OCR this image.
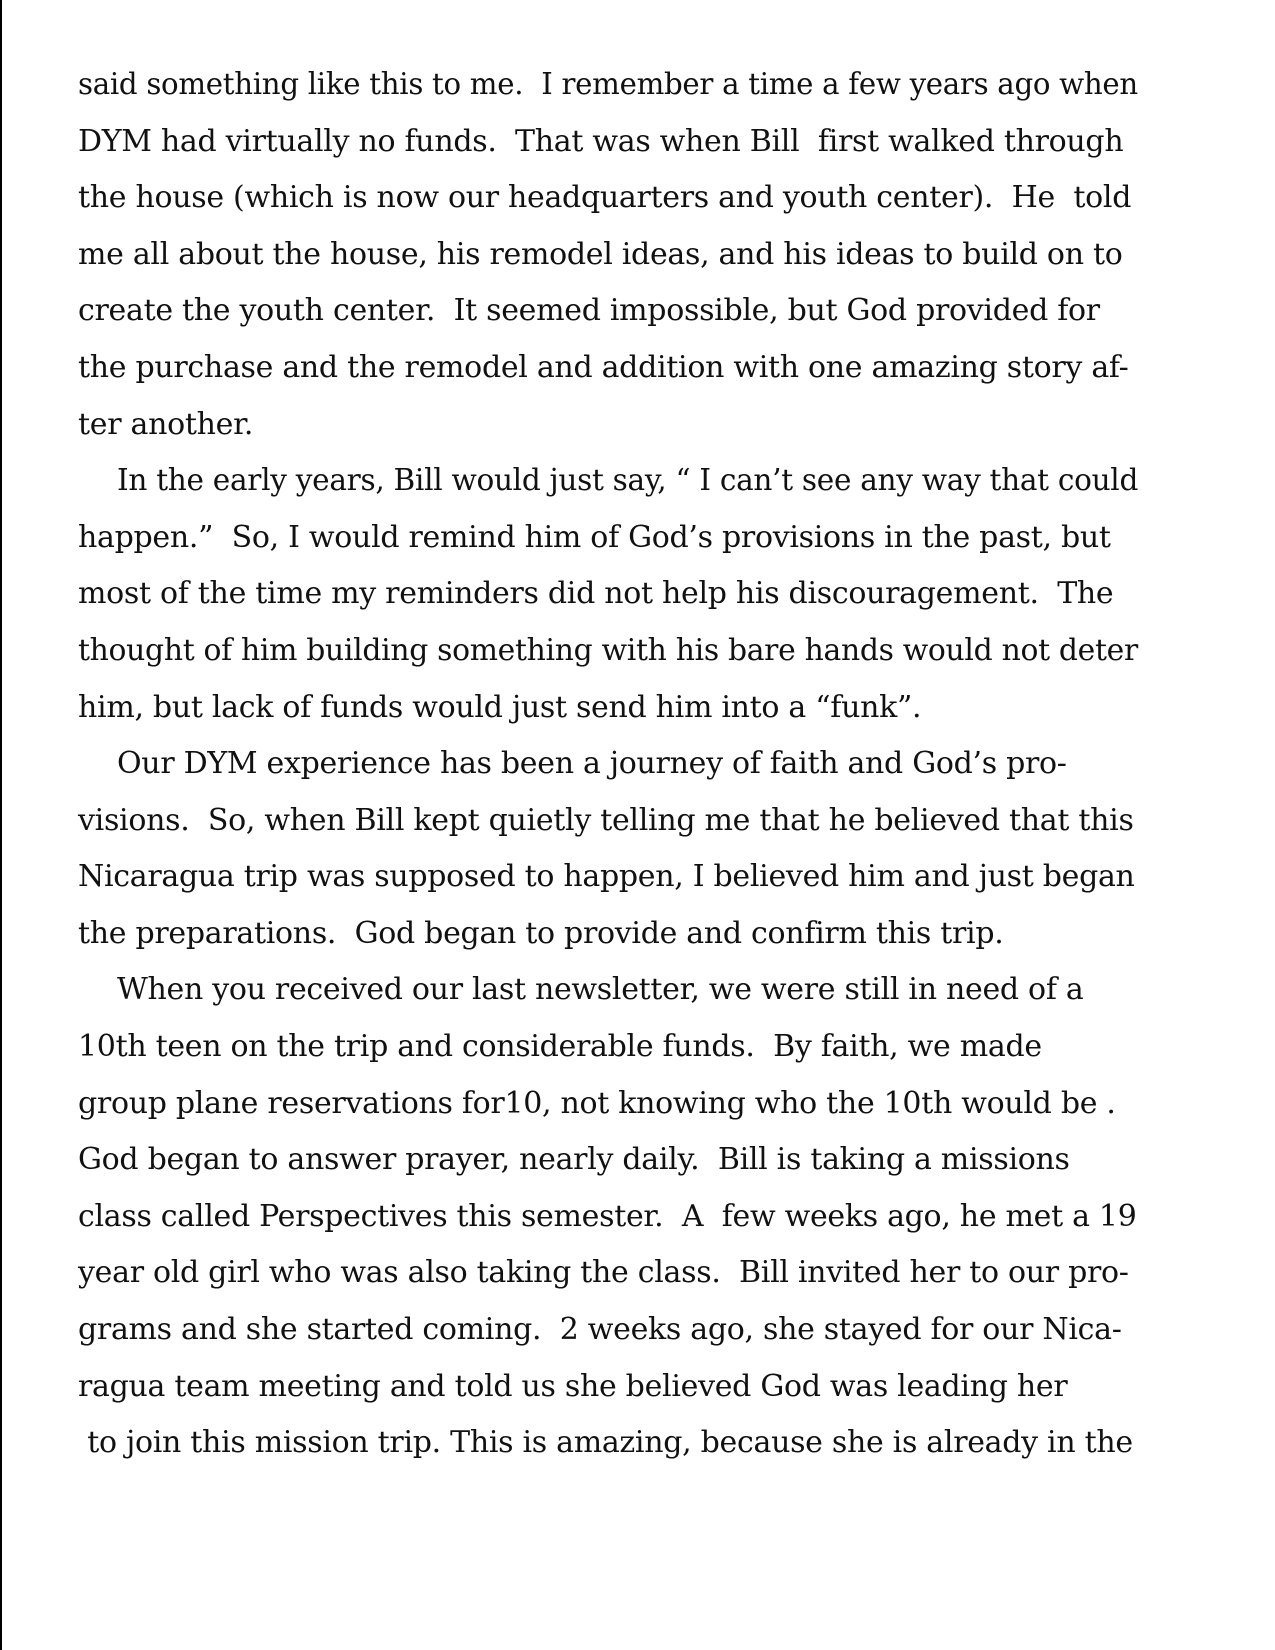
said something like this to me.  I remember a time a few years ago when
DYM had virtually no funds.  That was when Bill  first walked through
the house (which is now our headquarters and youth center).  He  told
me all about the house, his remodel ideas, and his ideas to build on to
create the youth center.  It seemed impossible, but God provided for
the purchase and the remodel and addition with one amazing story af-
ter another.
In the early years, Bill would just say, “ I can’t see any way that could
happen.”  So, I would remind him of God’s provisions in the past, but
most of the time my reminders did not help his discouragement.  The
thought of him building something with his bare hands would not deter
him, but lack of funds would just send him into a “funk”.
Our DYM experience has been a journey of faith and God’s pro-
visions.  So, when Bill kept quietly telling me that he believed that this
Nicaragua trip was supposed to happen, I believed him and just began
the preparations.  God began to provide and confirm this trip.
When you received our last newsletter, we were still in need of a
10th teen on the trip and considerable funds.  By faith, we made
group plane reservations for10, not knowing who the 10th would be .
God began to answer prayer, nearly daily.  Bill is taking a missions
class called Perspectives this semester.  A  few weeks ago, he met a 19
year old girl who was also taking the class.  Bill invited her to our pro-
grams and she started coming.  2 weeks ago, she stayed for our Nica-
ragua team meeting and told us she believed God was leading her
to join this mission trip. This is amazing, because she is already in the
